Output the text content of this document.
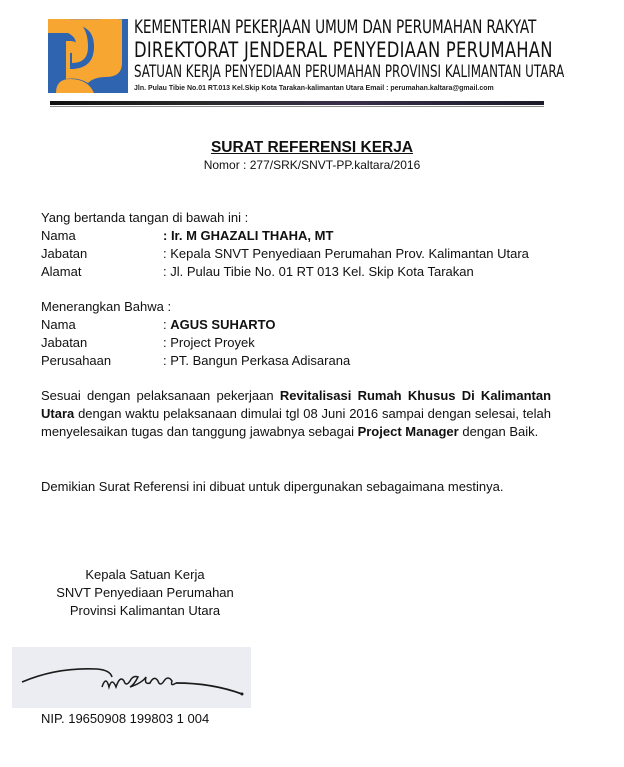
KEMENTERIAN PEKERJAAN UMUM DAN PERUMAHAN RAKYAT
DIREKTORAT JENDERAL PENYEDIAAN PERUMAHAN
SATUAN KERJA PENYEDIAAN PERUMAHAN PROVINSI KALIMANTAN UTARA
Jln. Pulau Tibie No.01 RT.013 Kel.Skip Kota Tarakan-kalimantan Utara Email : perumahan.kaltara@gmail.com
SURAT REFERENSI KERJA
Nomor : 277/SRK/SNVT-PP.kaltara/2016
Yang bertanda tangan di bawah ini :
Nama	: Ir. M GHAZALI THAHA, MT
Jabatan	: Kepala SNVT Penyediaan Perumahan Prov. Kalimantan Utara
Alamat	: Jl. Pulau Tibie No. 01 RT 013 Kel. Skip Kota Tarakan
Menerangkan Bahwa :
Nama	: AGUS SUHARTO
Jabatan	: Project Proyek
Perusahaan	: PT. Bangun Perkasa Adisarana
Sesuai dengan pelaksanaan pekerjaan Revitalisasi Rumah Khusus Di Kalimantan Utara dengan waktu pelaksanaan dimulai tgl 08 Juni 2016 sampai dengan selesai, telah menyelesaikan tugas dan tanggung jawabnya sebagai Project Manager dengan Baik.
Demikian Surat Referensi ini dibuat untuk dipergunakan sebagaimana mestinya.
Kepala Satuan Kerja
SNVT Penyediaan Perumahan
Provinsi Kalimantan Utara
NIP. 19650908 199803 1 004
